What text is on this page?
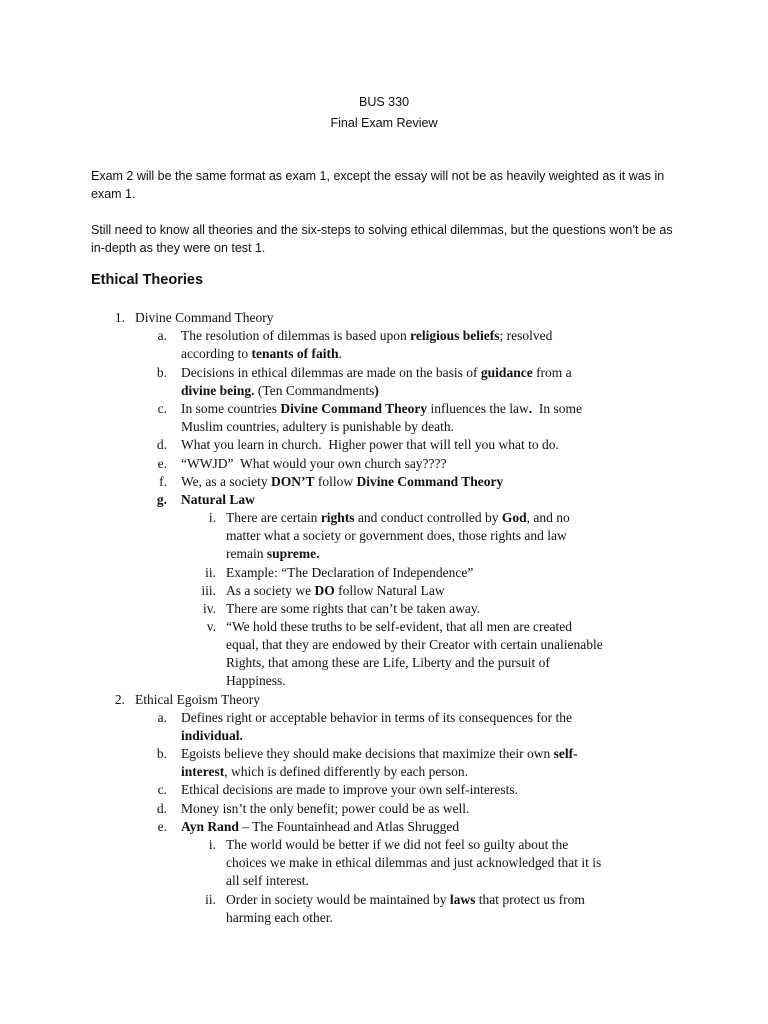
BUS 330
Final Exam Review
Exam 2 will be the same format as exam 1, except the essay will not be as heavily weighted as it was in exam 1.
Still need to know all theories and the six-steps to solving ethical dilemmas, but the questions won’t be as in-depth as they were on test 1.
Ethical Theories
1. Divine Command Theory
a. The resolution of dilemmas is based upon religious beliefs; resolved
according to tenants of faith.
b. Decisions in ethical dilemmas are made on the basis of guidance from a
divine being. (Ten Commandments)
c. In some countries Divine Command Theory influences the law.  In some
Muslim countries, adultery is punishable by death.
d. What you learn in church.  Higher power that will tell you what to do.
e. “WWJD”  What would your own church say????
f. We, as a society DON’T follow Divine Command Theory
g. Natural Law
i. There are certain rights and conduct controlled by God, and no
matter what a society or government does, those rights and law
remain supreme.
ii. Example: “The Declaration of Independence”
iii. As a society we DO follow Natural Law
iv. There are some rights that can’t be taken away.
v. “We hold these truths to be self-evident, that all men are created
equal, that they are endowed by their Creator with certain unalienable
Rights, that among these are Life, Liberty and the pursuit of
Happiness.
2. Ethical Egoism Theory
a. Defines right or acceptable behavior in terms of its consequences for the
individual.
b. Egoists believe they should make decisions that maximize their own self-
interest, which is defined differently by each person.
c. Ethical decisions are made to improve your own self-interests.
d. Money isn’t the only benefit; power could be as well.
e. Ayn Rand – The Fountainhead and Atlas Shrugged
i. The world would be better if we did not feel so guilty about the
choices we make in ethical dilemmas and just acknowledged that it is
all self interest.
ii. Order in society would be maintained by laws that protect us from
harming each other.
